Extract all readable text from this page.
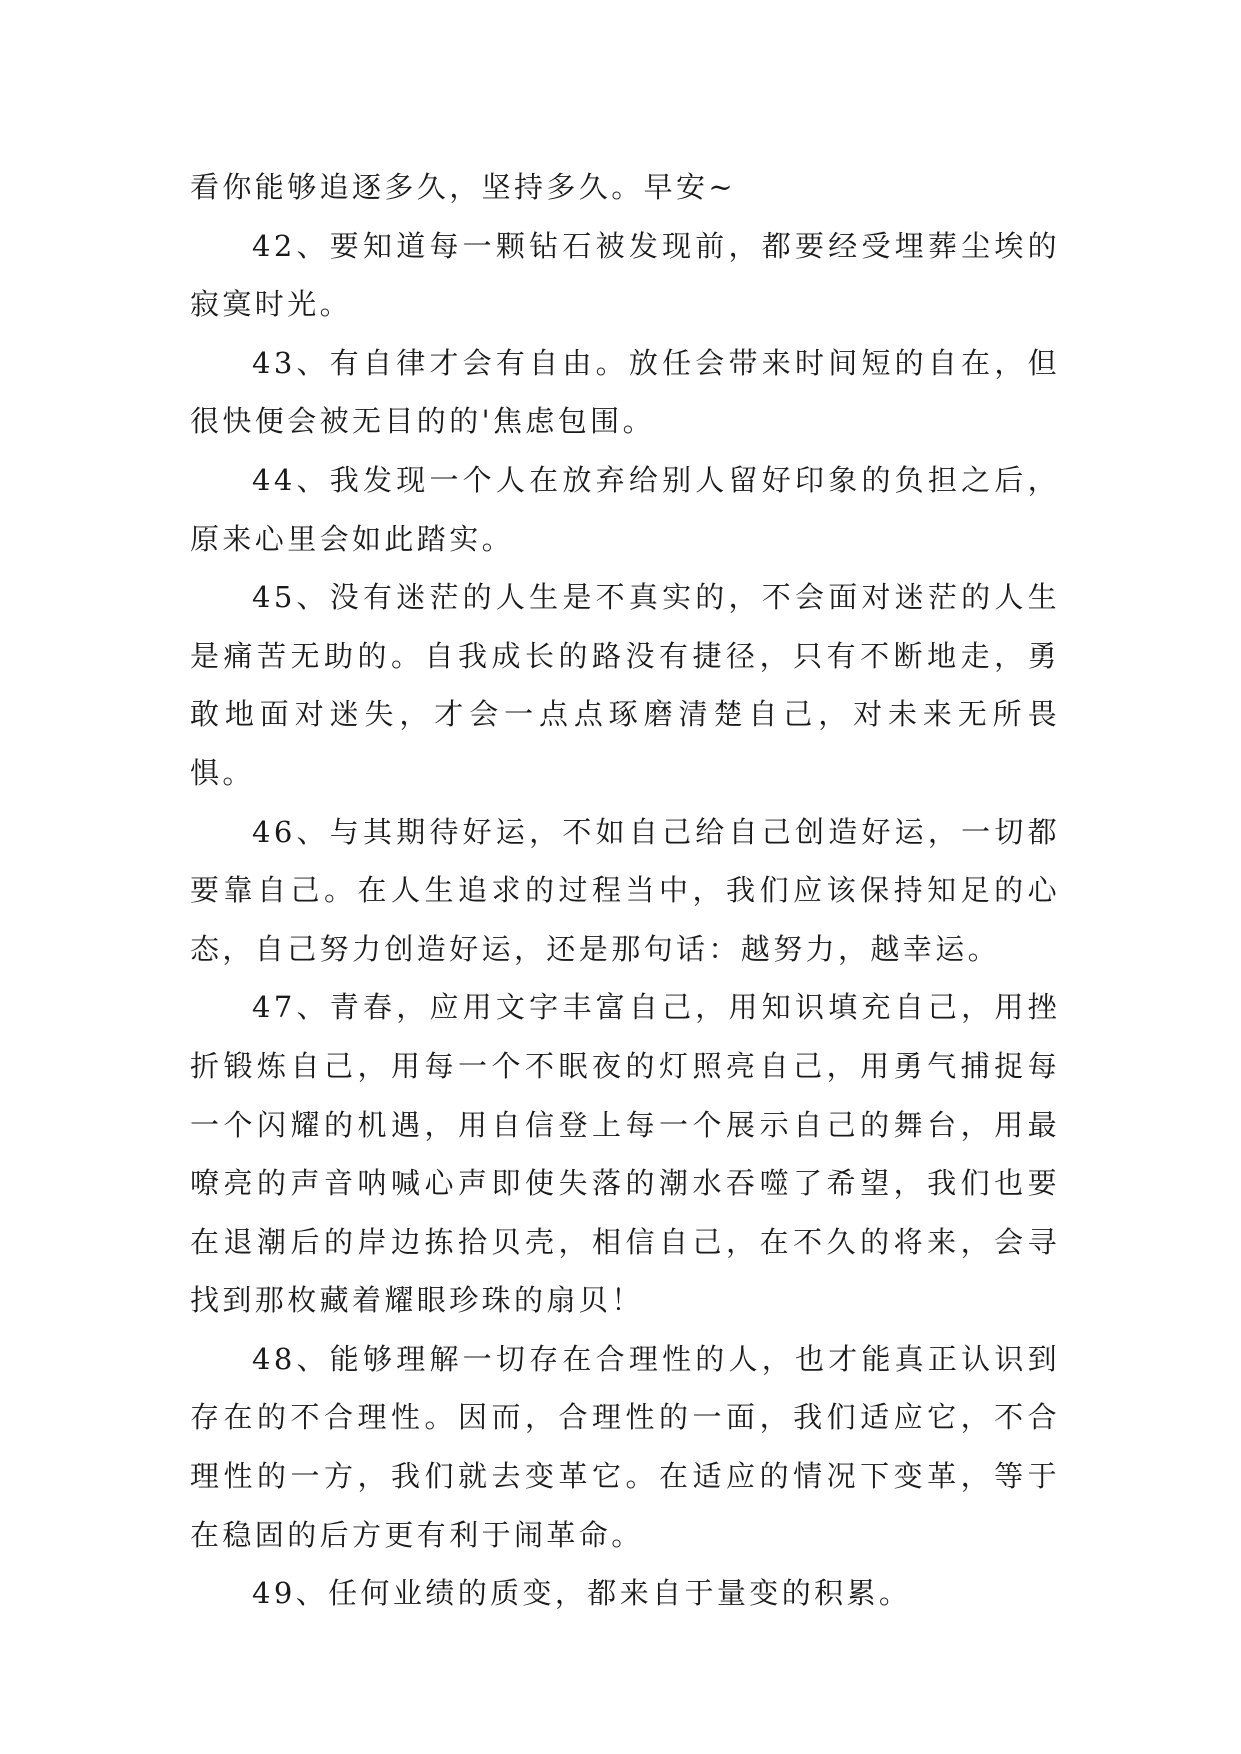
看你能够追逐多久，坚持多久。早安~

42、要知道每一颗钻石被发现前，都要经受埋葬尘埃的寂寞时光。

43、有自律才会有自由。放任会带来时间短的自在，但很快便会被无目的的'焦虑包围。

44、我发现一个人在放弃给别人留好印象的负担之后，原来心里会如此踏实。

45、没有迷茫的人生是不真实的，不会面对迷茫的人生是痛苦无助的。自我成长的路没有捷径，只有不断地走，勇敢地面对迷失，才会一点点琢磨清楚自己，对未来无所畏惧。

46、与其期待好运，不如自己给自己创造好运，一切都要靠自己。在人生追求的过程当中，我们应该保持知足的心态，自己努力创造好运，还是那句话：越努力，越幸运。

47、青春，应用文字丰富自己，用知识填充自己，用挫折锻炼自己，用每一个不眠夜的灯照亮自己，用勇气捕捉每一个闪耀的机遇，用自信登上每一个展示自己的舞台，用最嘹亮的声音呐喊心声即使失落的潮水吞噬了希望，我们也要在退潮后的岸边拣拾贝壳，相信自己，在不久的将来，会寻找到那枚藏着耀眼珍珠的扇贝！

48、能够理解一切存在合理性的人，也才能真正认识到存在的不合理性。因而，合理性的一面，我们适应它，不合理性的一方，我们就去变革它。在适应的情况下变革，等于在稳固的后方更有利于闹革命。

49、任何业绩的质变，都来自于量变的积累。
